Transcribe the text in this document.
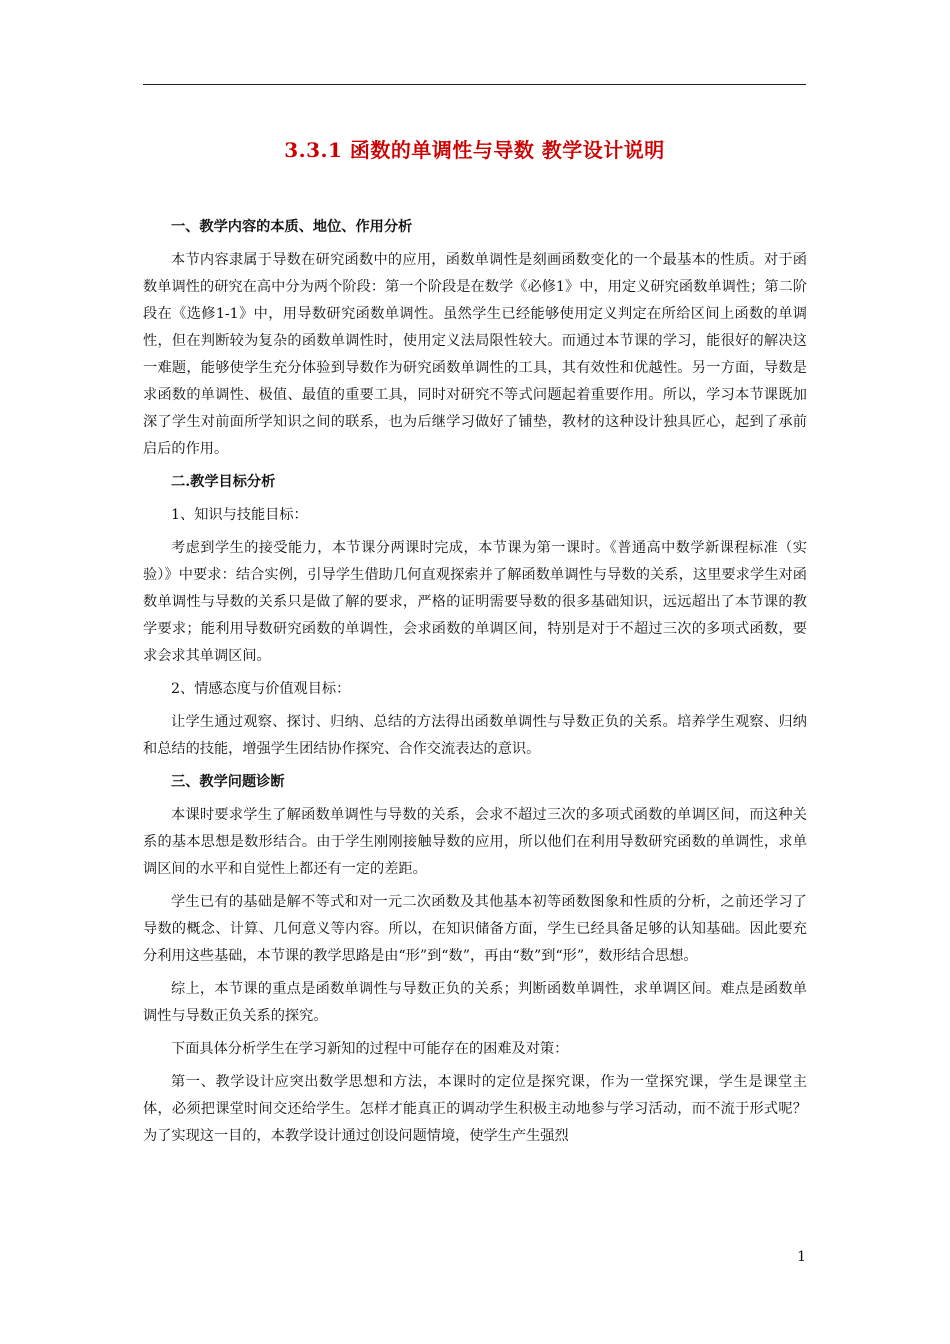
3.3.1 函数的单调性与导数 教学设计说明
一、教学内容的本质、地位、作用分析
本节内容隶属于导数在研究函数中的应用，函数单调性是刻画函数变化的一个最基本的性质。对于函数单调性的研究在高中分为两个阶段：第一个阶段是在数学《必修1》中，用定义研究函数单调性；第二阶段在《选修1-1》中，用导数研究函数单调性。虽然学生已经能够使用定义判定在所给区间上函数的单调性，但在判断较为复杂的函数单调性时，使用定义法局限性较大。而通过本节课的学习，能很好的解决这一难题，能够使学生充分体验到导数作为研究函数单调性的工具，其有效性和优越性。另一方面，导数是求函数的单调性、极值、最值的重要工具，同时对研究不等式问题起着重要作用。所以，学习本节课既加深了学生对前面所学知识之间的联系，也为后继学习做好了铺垫，教材的这种设计独具匠心，起到了承前启后的作用。
二.教学目标分析
1、知识与技能目标：
考虑到学生的接受能力，本节课分两课时完成，本节课为第一课时。《普通高中数学新课程标准（实验）》中要求：结合实例，引导学生借助几何直观探索并了解函数单调性与导数的关系，这里要求学生对函数单调性与导数的关系只是做了解的要求，严格的证明需要导数的很多基础知识，远远超出了本节课的教学要求；能利用导数研究函数的单调性，会求函数的单调区间，特别是对于不超过三次的多项式函数，要求会求其单调区间。
2、情感态度与价值观目标：
让学生通过观察、探讨、归纳、总结的方法得出函数单调性与导数正负的关系。培养学生观察、归纳和总结的技能，增强学生团结协作探究、合作交流表达的意识。
三、教学问题诊断
本课时要求学生了解函数单调性与导数的关系，会求不超过三次的多项式函数的单调区间，而这种关系的基本思想是数形结合。由于学生刚刚接触导数的应用，所以他们在利用导数研究函数的单调性，求单调区间的水平和自觉性上都还有一定的差距。
学生已有的基础是解不等式和对一元二次函数及其他基本初等函数图象和性质的分析，之前还学习了导数的概念、计算、几何意义等内容。所以，在知识储备方面，学生已经具备足够的认知基础。因此要充分利用这些基础，本节课的教学思路是由“形”到“数”，再由“数”到“形”，数形结合思想。
综上，本节课的重点是函数单调性与导数正负的关系；判断函数单调性，求单调区间。难点是函数单调性与导数正负关系的探究。
下面具体分析学生在学习新知的过程中可能存在的困难及对策：
第一、教学设计应突出数学思想和方法，本课时的定位是探究课，作为一堂探究课，学生是课堂主体，必须把课堂时间交还给学生。怎样才能真正的调动学生积极主动地参与学习活动，而不流于形式呢？为了实现这一目的，本教学设计通过创设问题情境，使学生产生强烈
1
